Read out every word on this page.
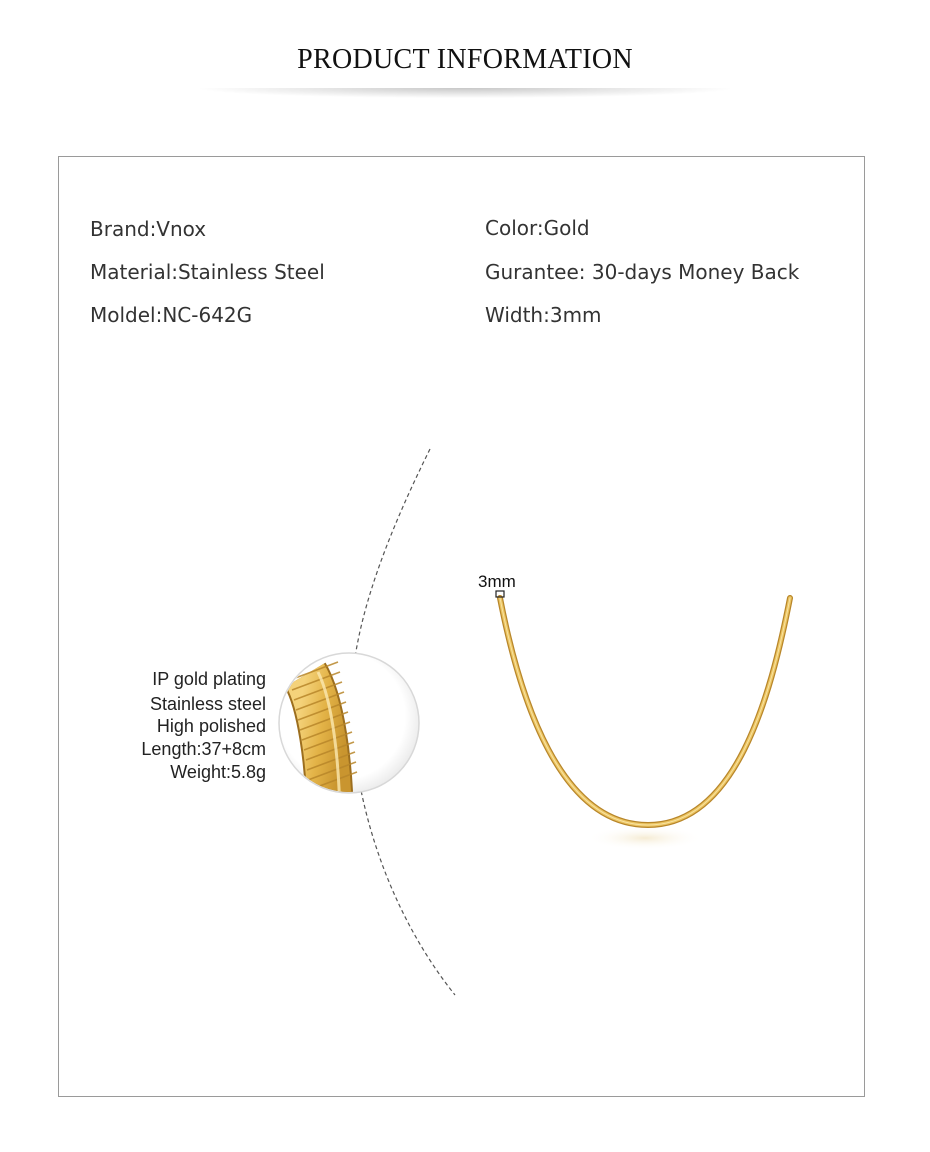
PRODUCT INFORMATION
Brand:Vnox
Material:Stainless Steel
Moldel:NC-642G
Color:Gold
Gurantee: 30-days Money Back
Width:3mm
IP gold plating
Stainless steel
High polished
Length:37+8cm
Weight:5.8g
3mm
